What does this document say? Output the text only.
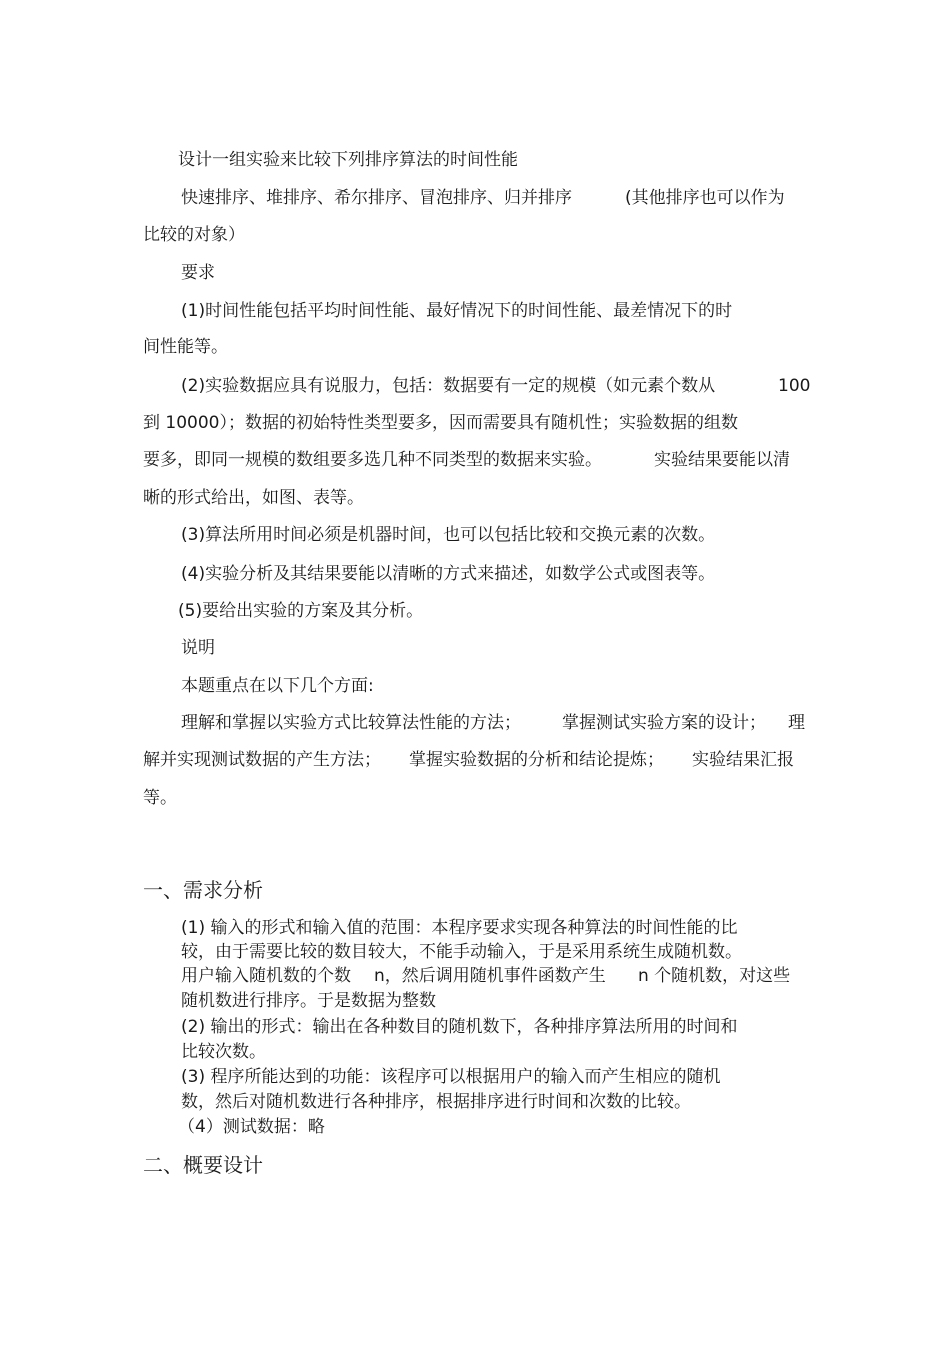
设计一组实验来比较下列排序算法的时间性能
快速排序、堆排序、希尔排序、冒泡排序、归并排序	(其他排序也可以作为
比较的对象）
要求
(1)时间性能包括平均时间性能、最好情况下的时间性能、最差情况下的时
间性能等。
(2)实验数据应具有说服力，包括：数据要有一定的规模（如元素个数从	100
到 10000）；数据的初始特性类型要多，因而需要具有随机性；实验数据的组数
要多，即同一规模的数组要多选几种不同类型的数据来实验。	实验结果要能以清
晰的形式给出，如图、表等。
(3)算法所用时间必须是机器时间，也可以包括比较和交换元素的次数。
(4)实验分析及其结果要能以清晰的方式来描述，如数学公式或图表等。
(5)要给出实验的方案及其分析。
说明
本题重点在以下几个方面:
理解和掌握以实验方式比较算法性能的方法； 掌握测试实验方案的设计； 理
解并实现测试数据的产生方法； 掌握实验数据的分析和结论提炼； 实验结果汇报
等。
一、需求分析
(1) 输入的形式和输入值的范围：本程序要求实现各种算法的时间性能的比
较，由于需要比较的数目较大，不能手动输入，于是采用系统生成随机数。
用户输入随机数的个数 n，然后调用随机事件函数产生 n 个随机数，对这些
随机数进行排序。于是数据为整数
(2) 输出的形式：输出在各种数目的随机数下，各种排序算法所用的时间和
比较次数。
(3) 程序所能达到的功能：该程序可以根据用户的输入而产生相应的随机
数，然后对随机数进行各种排序，根据排序进行时间和次数的比较。
（4）测试数据：略
二、概要设计
